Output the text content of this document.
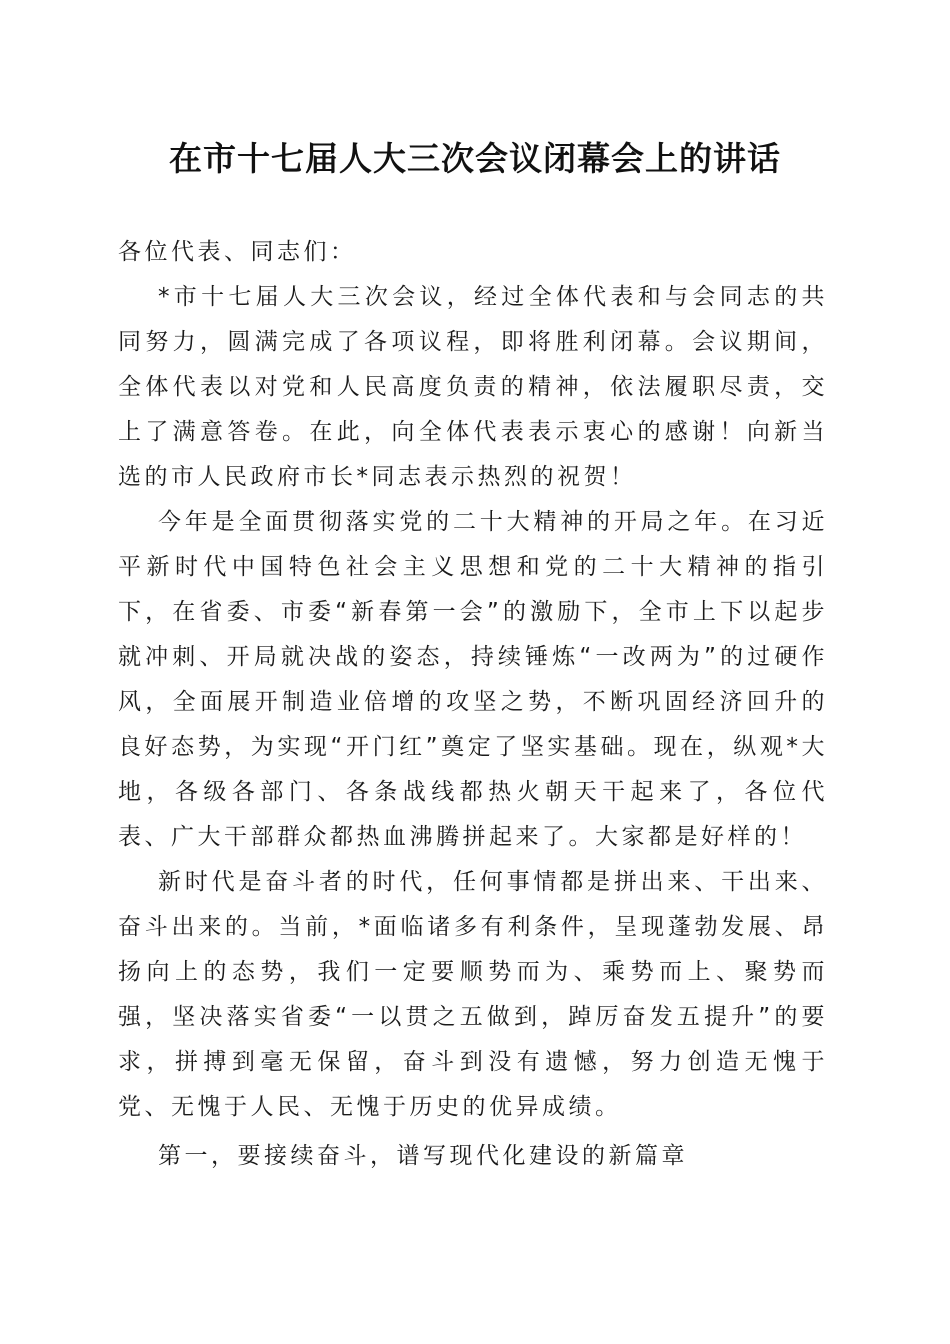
在市十七届人大三次会议闭幕会上的讲话

各位代表、同志们：

*市十七届人大三次会议，经过全体代表和与会同志的共同努力，圆满完成了各项议程，即将胜利闭幕。会议期间，全体代表以对党和人民高度负责的精神，依法履职尽责，交上了满意答卷。在此，向全体代表表示衷心的感谢！向新当选的市人民政府市长*同志表示热烈的祝贺！

今年是全面贯彻落实党的二十大精神的开局之年。在习近平新时代中国特色社会主义思想和党的二十大精神的指引下，在省委、市委“新春第一会”的激励下，全市上下以起步就冲刺、开局就决战的姿态，持续锤炼“一改两为”的过硬作风，全面展开制造业倍增的攻坚之势，不断巩固经济回升的良好态势，为实现“开门红”奠定了坚实基础。现在，纵观*大地，各级各部门、各条战线都热火朝天干起来了，各位代表、广大干部群众都热血沸腾拼起来了。大家都是好样的！

新时代是奋斗者的时代，任何事情都是拼出来、干出来、奋斗出来的。当前，*面临诸多有利条件，呈现蓬勃发展、昂扬向上的态势，我们一定要顺势而为、乘势而上、聚势而强，坚决落实省委“一以贯之五做到，踔厉奋发五提升”的要求，拼搏到毫无保留，奋斗到没有遗憾，努力创造无愧于党、无愧于人民、无愧于历史的优异成绩。

第一，要接续奋斗，谱写现代化建设的新篇章
